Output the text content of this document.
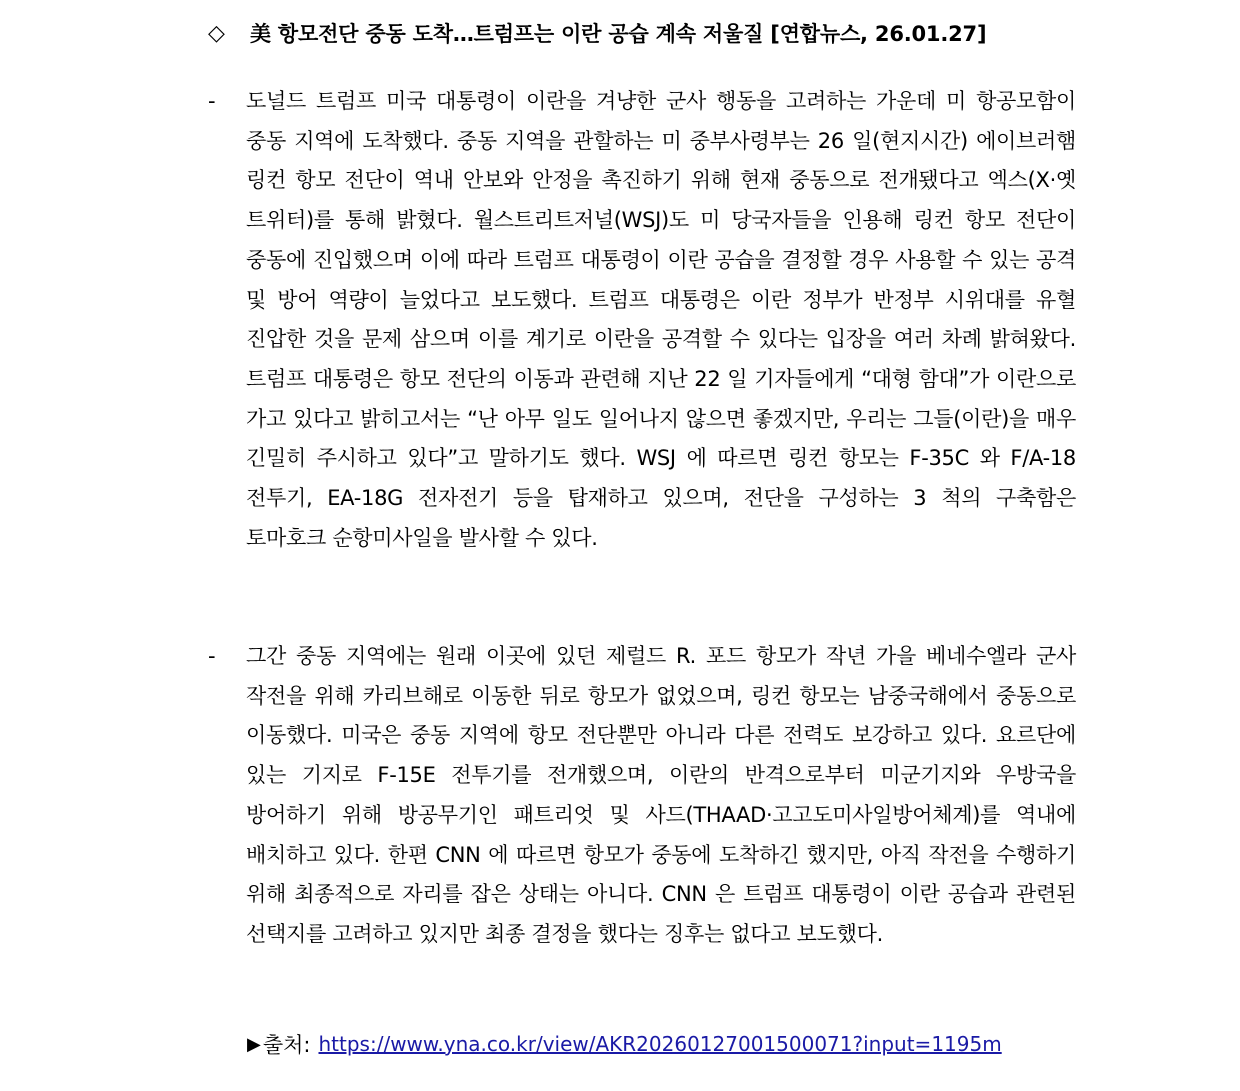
◇	美 항모전단 중동 도착…트럼프는 이란 공습 계속 저울질 [연합뉴스, 26.01.27]
-	도널드 트럼프 미국 대통령이 이란을 겨냥한 군사 행동을 고려하는 가운데 미 항공모함이 중동 지역에 도착했다. 중동 지역을 관할하는 미 중부사령부는 26 일(현지시간) 에이브러햄 링컨 항모 전단이 역내 안보와 안정을 촉진하기 위해 현재 중동으로 전개됐다고 엑스(X·옛 트위터)를 통해 밝혔다. 월스트리트저널(WSJ)도 미 당국자들을 인용해 링컨 항모 전단이 중동에 진입했으며 이에 따라 트럼프 대통령이 이란 공습을 결정할 경우 사용할 수 있는 공격 및 방어 역량이 늘었다고 보도했다. 트럼프 대통령은 이란 정부가 반정부 시위대를 유혈 진압한 것을 문제 삼으며 이를 계기로 이란을 공격할 수 있다는 입장을 여러 차례 밝혀왔다. 트럼프 대통령은 항모 전단의 이동과 관련해 지난 22 일 기자들에게 “대형 함대”가 이란으로 가고 있다고 밝히고서는 “난 아무 일도 일어나지 않으면 좋겠지만, 우리는 그들(이란)을 매우 긴밀히 주시하고 있다”고 말하기도 했다. WSJ 에 따르면 링컨 항모는 F-35C 와 F/A-18 전투기, EA-18G 전자전기 등을 탑재하고 있으며, 전단을 구성하는 3 척의 구축함은 토마호크 순항미사일을 발사할 수 있다.

-	그간 중동 지역에는 원래 이곳에 있던 제럴드 R. 포드 항모가 작년 가을 베네수엘라 군사 작전을 위해 카리브해로 이동한 뒤로 항모가 없었으며, 링컨 항모는 남중국해에서 중동으로 이동했다. 미국은 중동 지역에 항모 전단뿐만 아니라 다른 전력도 보강하고 있다. 요르단에 있는 기지로 F-15E 전투기를 전개했으며, 이란의 반격으로부터 미군기지와 우방국을 방어하기 위해 방공무기인 패트리엇 및 사드(THAAD·고고도미사일방어체계)를 역내에 배치하고 있다. 한편 CNN 에 따르면 항모가 중동에 도착하긴 했지만, 아직 작전을 수행하기 위해 최종적으로 자리를 잡은 상태는 아니다. CNN 은 트럼프 대통령이 이란 공습과 관련된 선택지를 고려하고 있지만 최종 결정을 했다는 징후는 없다고 보도했다.

▶ 출처: https://www.yna.co.kr/view/AKR20260127001500071?input=1195m
